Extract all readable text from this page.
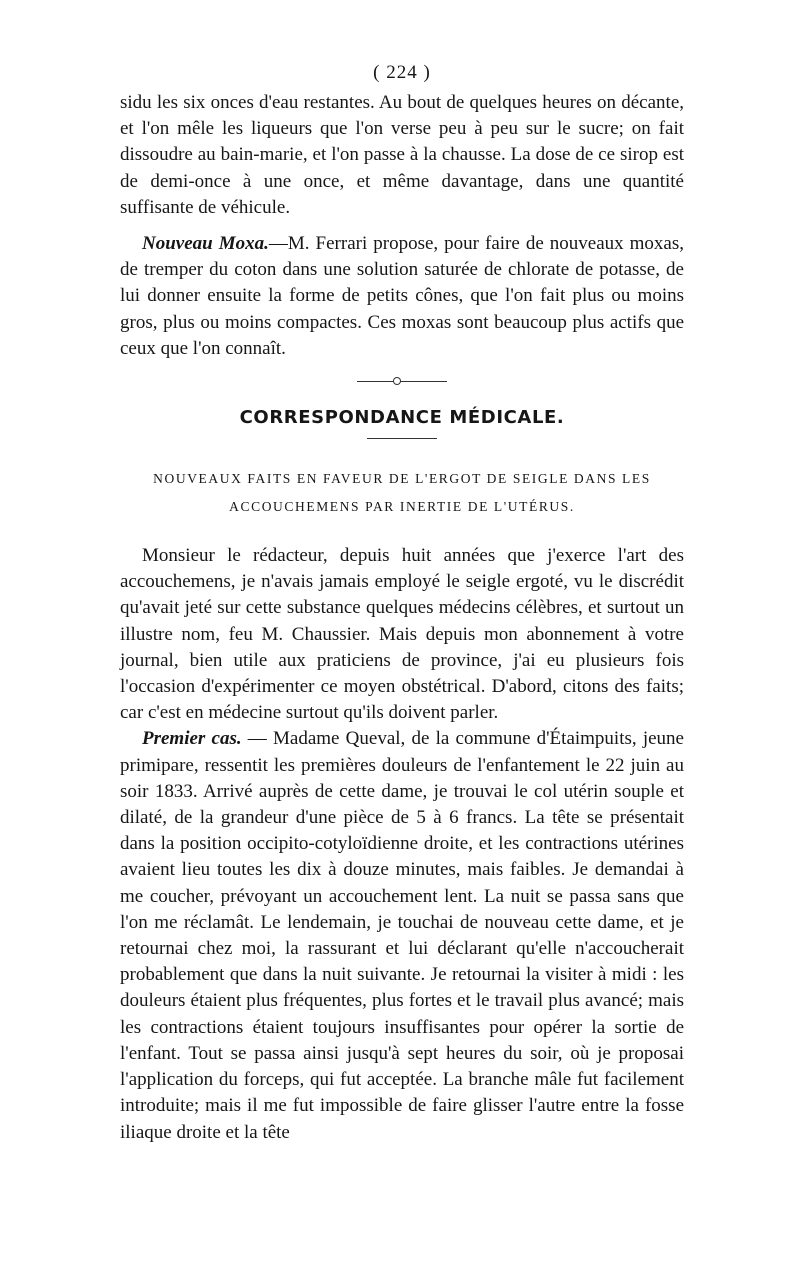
( 224 )

sidu les six onces d'eau restantes. Au bout de quelques heures on décante, et l'on mêle les liqueurs que l'on verse peu à peu sur le sucre; on fait dissoudre au bain-marie, et l'on passe à la chausse. La dose de ce sirop est de demi-once à une once, et même davantage, dans une quantité suffisante de véhicule.

Nouveau Moxa.—M. Ferrari propose, pour faire de nouveaux moxas, de tremper du coton dans une solution saturée de chlorate de potasse, de lui donner ensuite la forme de petits cônes, que l'on fait plus ou moins gros, plus ou moins compactes. Ces moxas sont beaucoup plus actifs que ceux que l'on connaît.

CORRESPONDANCE MÉDICALE.
NOUVEAUX FAITS EN FAVEUR DE L'ERGOT DE SEIGLE DANS LES
ACCOUCHEMENS PAR INERTIE DE L'UTÉRUS.

Monsieur le rédacteur, depuis huit années que j'exerce l'art des accouchemens, je n'avais jamais employé le seigle ergoté, vu le discrédit qu'avait jeté sur cette substance quelques médecins célèbres, et surtout un illustre nom, feu M. Chaussier. Mais depuis mon abonnement à votre journal, bien utile aux praticiens de province, j'ai eu plusieurs fois l'occasion d'expérimenter ce moyen obstétrical. D'abord, citons des faits; car c'est en médecine surtout qu'ils doivent parler.

Premier cas. — Madame Queval, de la commune d'Étaimpuits, jeune primipare, ressentit les premières douleurs de l'enfantement le 22 juin au soir 1833. Arrivé auprès de cette dame, je trouvai le col utérin souple et dilaté, de la grandeur d'une pièce de 5 à 6 francs. La tête se présentait dans la position occipito-cotyloïdienne droite, et les contractions utérines avaient lieu toutes les dix à douze minutes, mais faibles. Je demandai à me coucher, prévoyant un accouchement lent. La nuit se passa sans que l'on me réclamât. Le lendemain, je touchai de nouveau cette dame, et je retournai chez moi, la rassurant et lui déclarant qu'elle n'accoucherait probablement que dans la nuit suivante. Je retournai la visiter à midi : les douleurs étaient plus fréquentes, plus fortes et le travail plus avancé; mais les contractions étaient toujours insuffisantes pour opérer la sortie de l'enfant. Tout se passa ainsi jusqu'à sept heures du soir, où je proposai l'application du forceps, qui fut acceptée. La branche mâle fut facilement introduite; mais il me fut impossible de faire glisser l'autre entre la fosse iliaque droite et la tête
